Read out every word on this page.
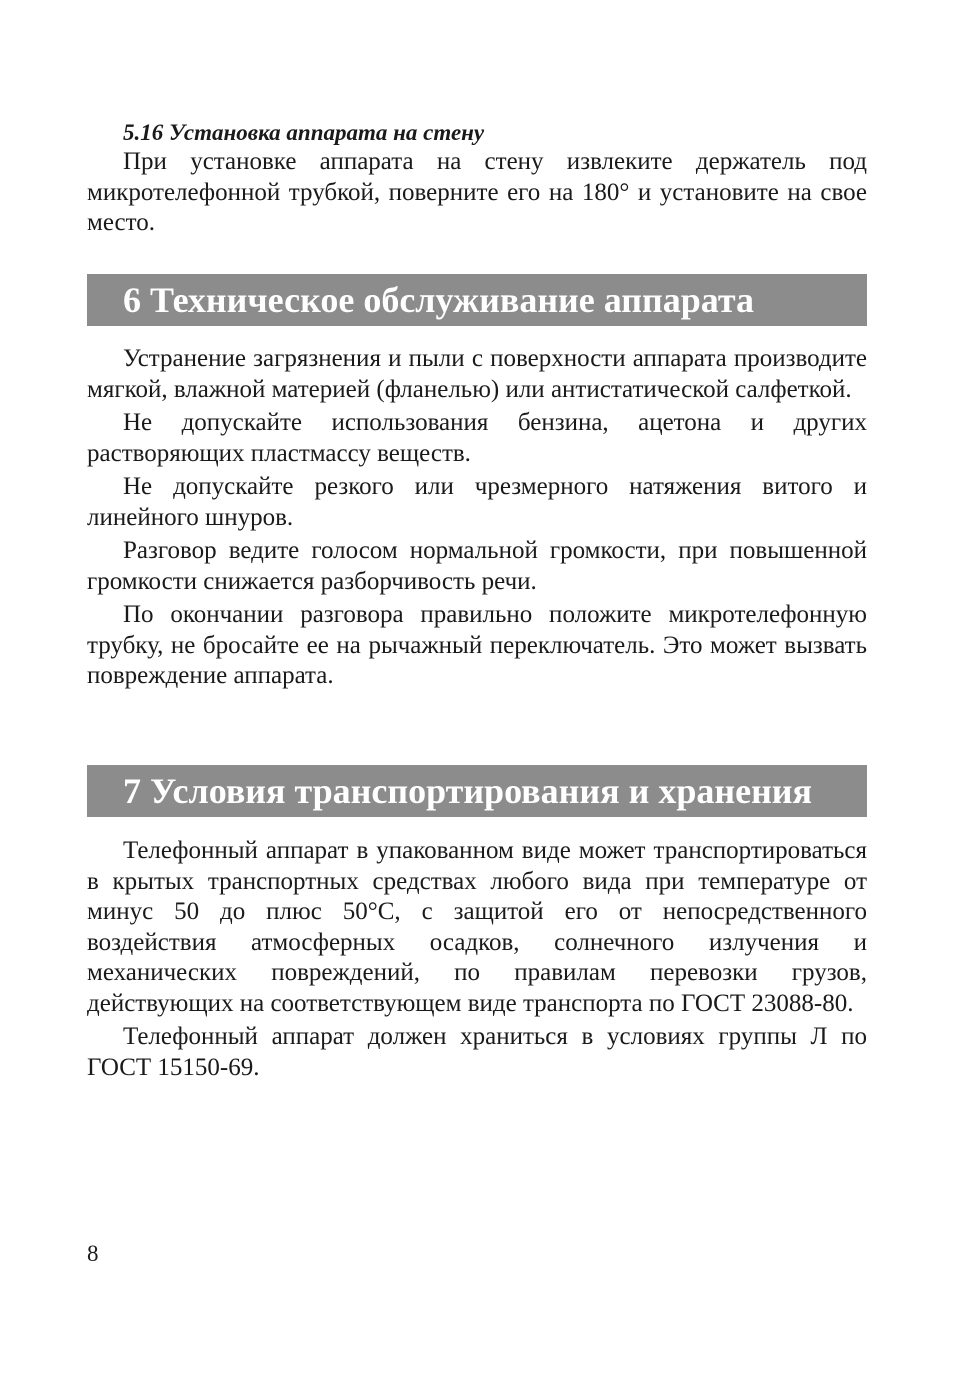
5.16 Установка аппарата на стену

При установке аппарата на стену извлеките держатель под микротелефонной трубкой, поверните его на 180° и установите на свое место.

6 Техническое обслуживание аппарата

Устранение загрязнения и пыли с поверхности аппарата производите мягкой, влажной материей (фланелью) или антистатической салфеткой.

Не допускайте использования бензина, ацетона и других растворяющих пластмассу веществ.

Не допускайте резкого или чрезмерного натяжения витого и линейного шнуров.

Разговор ведите голосом нормальной громкости, при повышенной громкости снижается разборчивость речи.

По окончании разговора правильно положите микротелефонную трубку, не бросайте ее на рычажный переключатель. Это может вызвать повреждение аппарата.

7 Условия транспортирования и хранения

Телефонный аппарат в упакованном виде может транспортироваться в крытых транспортных средствах любого вида при температуре от минус 50 до плюс 50°С, с защитой его от непосредственного воздействия атмосферных осадков, солнечного излучения и механических повреждений, по правилам перевозки грузов, действующих на соответствующем виде транспорта по ГОСТ 23088-80.

Телефонный аппарат должен храниться в условиях группы Л по ГОСТ 15150-69.

8
